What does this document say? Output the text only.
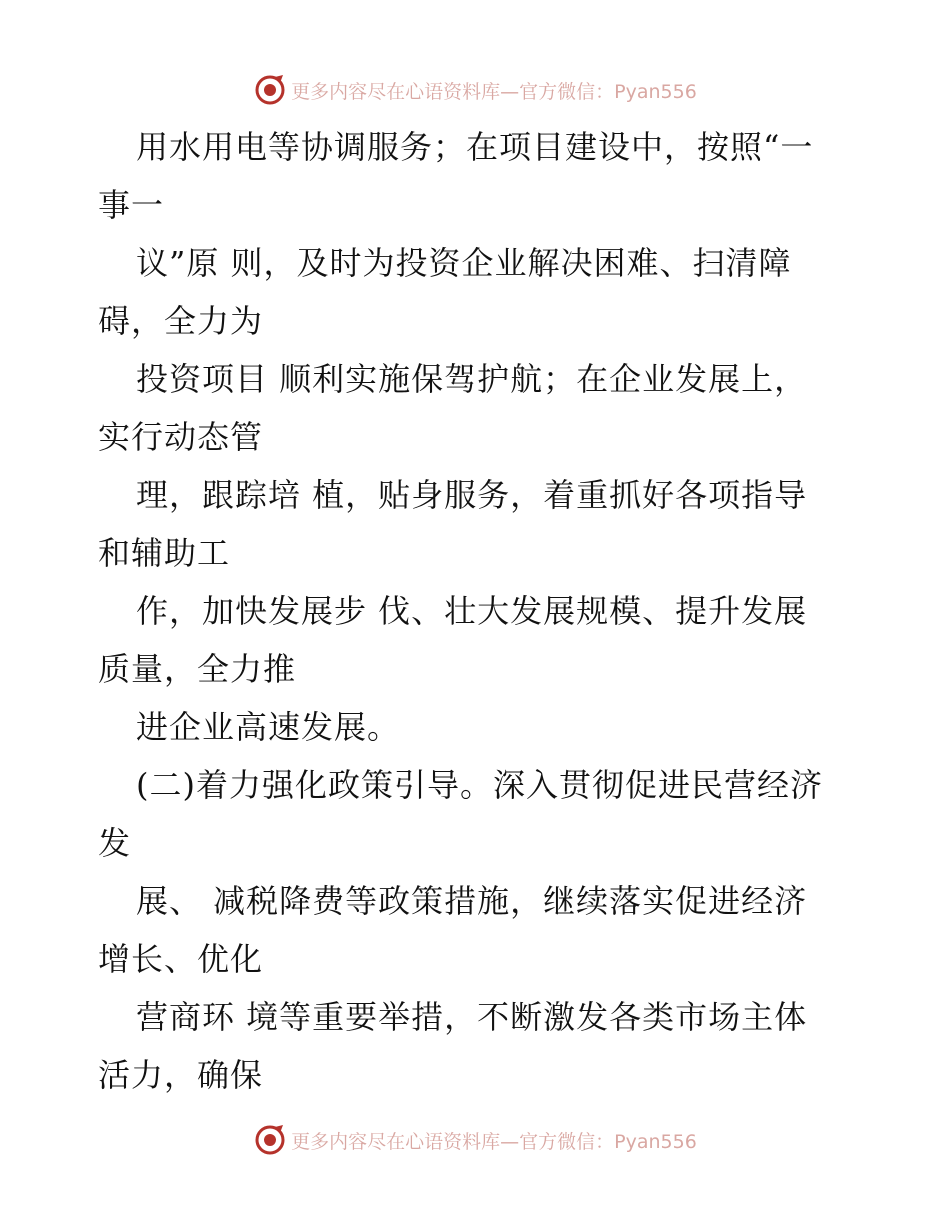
更多内容尽在心语资料库—官方微信：Pyan556
用水用电等协调服务；在项目建设中，按照“一
事一
议”原 则，及时为投资企业解决困难、扫清障
碍，全力为
投资项目 顺利实施保驾护航；在企业发展上，
实行动态管
理，跟踪培 植，贴身服务，着重抓好各项指导
和辅助工
作，加快发展步 伐、壮大发展规模、提升发展
质量，全力推
进企业高速发展。
(二)着力强化政策引导。深入贯彻促进民营经济
发
展、 减税降费等政策措施，继续落实促进经济
增长、优化
营商环 境等重要举措，不断激发各类市场主体
活力，确保
更多内容尽在心语资料库—官方微信：Pyan556
